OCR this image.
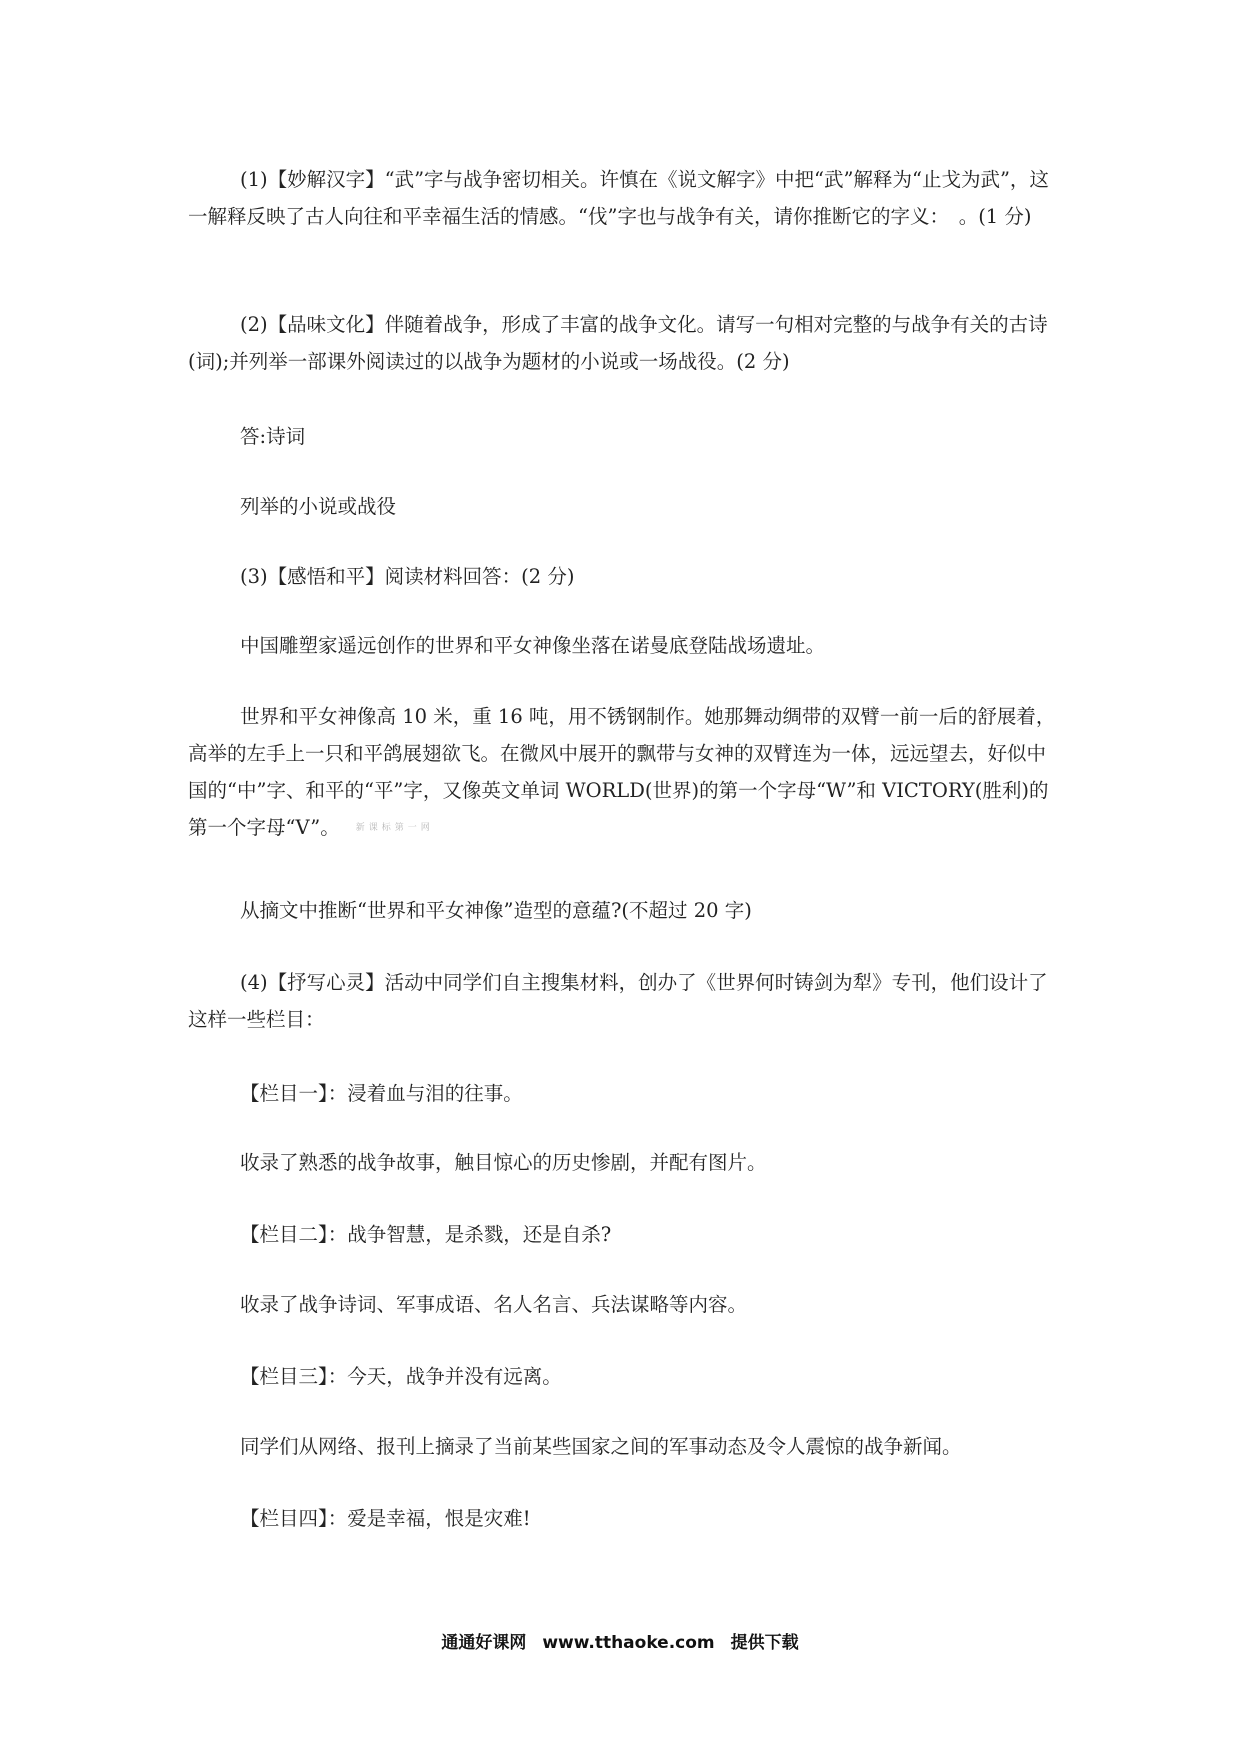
(1)【妙解汉字】“武”字与战争密切相关。许慎在《说文解字》中把“武”解释为“止戈为武”，这一解释反映了古人向往和平幸福生活的情感。“伐”字也与战争有关，请你推断它的字义：　。(1 分)

(2)【品味文化】伴随着战争，形成了丰富的战争文化。请写一句相对完整的与战争有关的古诗(词);并列举一部课外阅读过的以战争为题材的小说或一场战役。(2 分)

答:诗词

列举的小说或战役

(3)【感悟和平】阅读材料回答：(2 分)

中国雕塑家遥远创作的世界和平女神像坐落在诺曼底登陆战场遗址。

世界和平女神像高 10 米，重 16 吨，用不锈钢制作。她那舞动绸带的双臂一前一后的舒展着，高举的左手上一只和平鸽展翅欲飞。在微风中展开的飘带与女神的双臂连为一体，远远望去，好似中国的“中”字、和平的“平”字，又像英文单词 WORLD(世界)的第一个字母“W”和 VICTORY(胜利)的第一个字母“V”。 新课标第一网

从摘文中推断“世界和平女神像”造型的意蕴?(不超过 20 字)

(4)【抒写心灵】活动中同学们自主搜集材料，创办了《世界何时铸剑为犁》专刊，他们设计了这样一些栏目：

【栏目一】：浸着血与泪的往事。

收录了熟悉的战争故事，触目惊心的历史惨剧，并配有图片。

【栏目二】：战争智慧，是杀戮，还是自杀?

收录了战争诗词、军事成语、名人名言、兵法谋略等内容。

【栏目三】：今天，战争并没有远离。

同学们从网络、报刊上摘录了当前某些国家之间的军事动态及令人震惊的战争新闻。

【栏目四】：爱是幸福，恨是灾难!

通通好课网 www.tthaoke.com 提供下载
